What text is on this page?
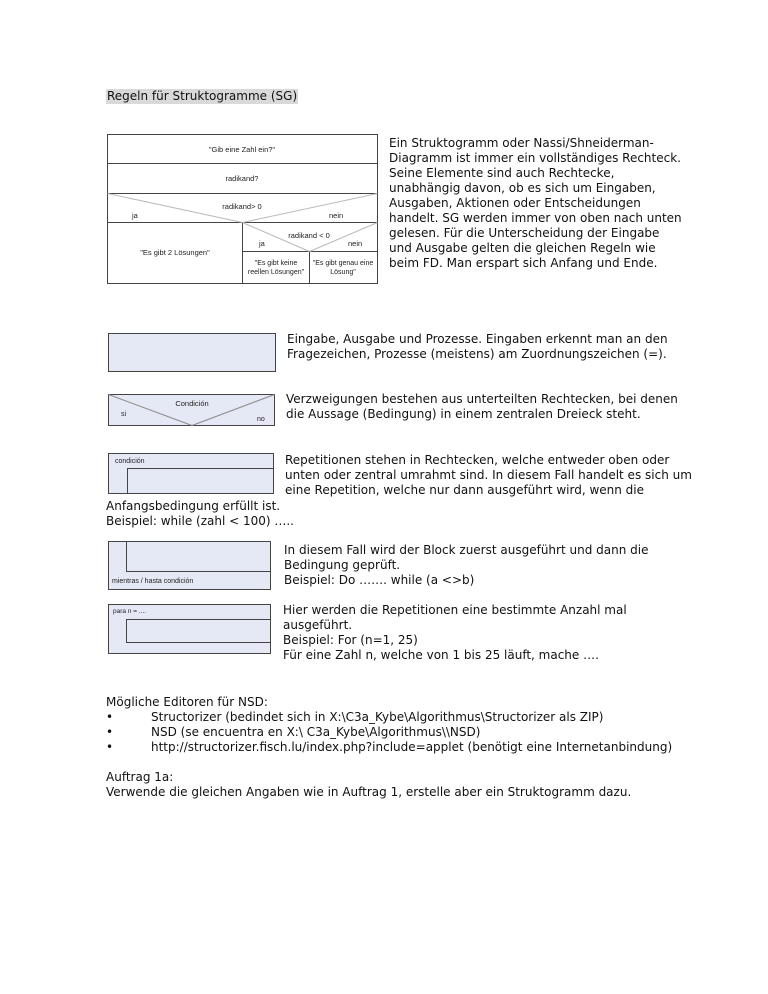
Regeln für Struktogramme (SG)
"Gib eine Zahl ein?"
radikand?
radikand> 0
ja	nein
"Es gibt 2 Lösungen"
radikand < 0
ja	nein
"Es gibt keine
reellen Lösungen"
"Es gibt genau eine
Lösung"
Ein Struktogramm oder Nassi/Shneiderman-
Diagramm ist immer ein vollständiges Rechteck.
Seine Elemente sind auch Rechtecke,
unabhängig davon, ob es sich um Eingaben,
Ausgaben, Aktionen oder Entscheidungen
handelt. SG werden immer von oben nach unten
gelesen. Für die Unterscheidung der Eingabe
und Ausgabe gelten die gleichen Regeln wie
beim FD. Man erspart sich Anfang und Ende.
Eingabe, Ausgabe und Prozesse. Eingaben erkennt man an den
Fragezeichen, Prozesse (meistens) am Zuordnungszeichen (=).
Condición
si
no
Verzweigungen bestehen aus unterteilten Rechtecken, bei denen
die Aussage (Bedingung) in einem zentralen Dreieck steht.
condición	Repetitionen stehen in Rechtecken, welche entweder oben oder
unten oder zentral umrahmt sind. In diesem Fall handelt es sich um
eine Repetition, welche nur dann ausgeführt wird, wenn die
Anfangsbedingung erfüllt ist.
Beispiel: while (zahl < 100) …..
mientras / hasta condición
In diesem Fall wird der Block zuerst ausgeführt und dann die
Bedingung geprüft.
Beispiel: Do ……. while (a <>b)
para n = ....	Hier werden die Repetitionen eine bestimmte Anzahl mal
ausgeführt.
Beispiel: For (n=1, 25)
Für eine Zahl n, welche von 1 bis 25 läuft, mache ….
Mögliche Editoren für NSD:
•	Structorizer (bedindet sich in X:\C3a_Kybe\Algorithmus\Structorizer als ZIP)
•	NSD (se encuentra en X:\ C3a_Kybe\Algorithmus\\NSD)
•	http://structorizer.fisch.lu/index.php?include=applet (benötigt eine Internetanbindung)
Auftrag 1a:
Verwende die gleichen Angaben wie in Auftrag 1, erstelle aber ein Struktogramm dazu.
